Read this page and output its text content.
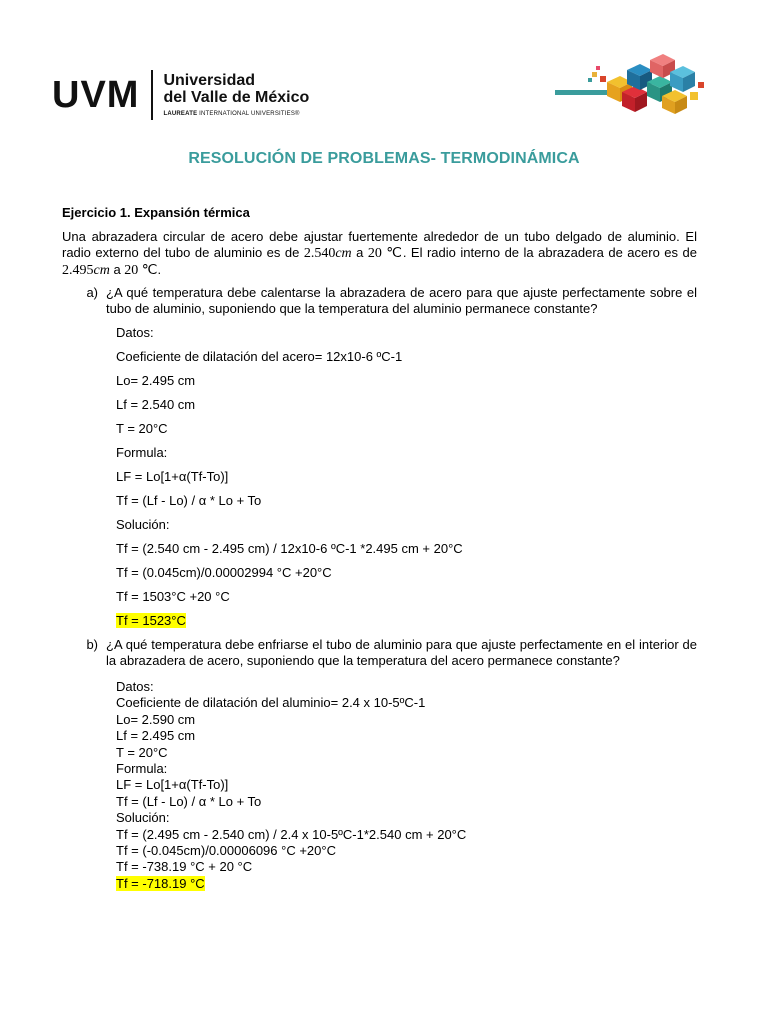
UVM Universidad
del Valle de México
LAUREATE INTERNATIONAL UNIVERSITIES®
RESOLUCIÓN DE PROBLEMAS- TERMODINÁMICA
Ejercicio 1. Expansión térmica
Una abrazadera circular de acero debe ajustar fuertemente alrededor de un tubo delgado de aluminio. El radio externo del tubo de aluminio es de 2.540cm a 20 ℃. El radio interno de la abrazadera de acero es de 2.495cm a 20 ℃.
a) ¿A qué temperatura debe calentarse la abrazadera de acero para que ajuste perfectamente sobre el tubo de aluminio, suponiendo que la temperatura del aluminio permanece constante?
Datos:
Coeficiente de dilatación del acero= 12x10-6 ºC-1
Lo= 2.495 cm
Lf = 2.540 cm
T = 20°C
Formula:
LF = Lo[1+α(Tf-To)]
Tf = (Lf - Lo) / α * Lo + To
Solución:
Tf = (2.540 cm - 2.495 cm) / 12x10-6 ºC-1 *2.495 cm + 20°C
Tf = (0.045cm)/0.00002994 °C +20°C
Tf = 1503°C +20 °C
Tf = 1523°C
b) ¿A qué temperatura debe enfriarse el tubo de aluminio para que ajuste perfectamente en el interior de la abrazadera de acero, suponiendo que la temperatura del acero permanece constante?
Datos:
Coeficiente de dilatación del aluminio= 2.4 x 10-5ºC-1
Lo= 2.590 cm
Lf = 2.495 cm
T = 20°C
Formula:
LF = Lo[1+α(Tf-To)]
Tf = (Lf - Lo) / α * Lo + To
Solución:
Tf = (2.495 cm - 2.540 cm) / 2.4 x 10-5ºC-1*2.540 cm + 20°C
Tf = (-0.045cm)/0.00006096 °C +20°C
Tf = -738.19 °C + 20 °C
Tf = -718.19 °C
